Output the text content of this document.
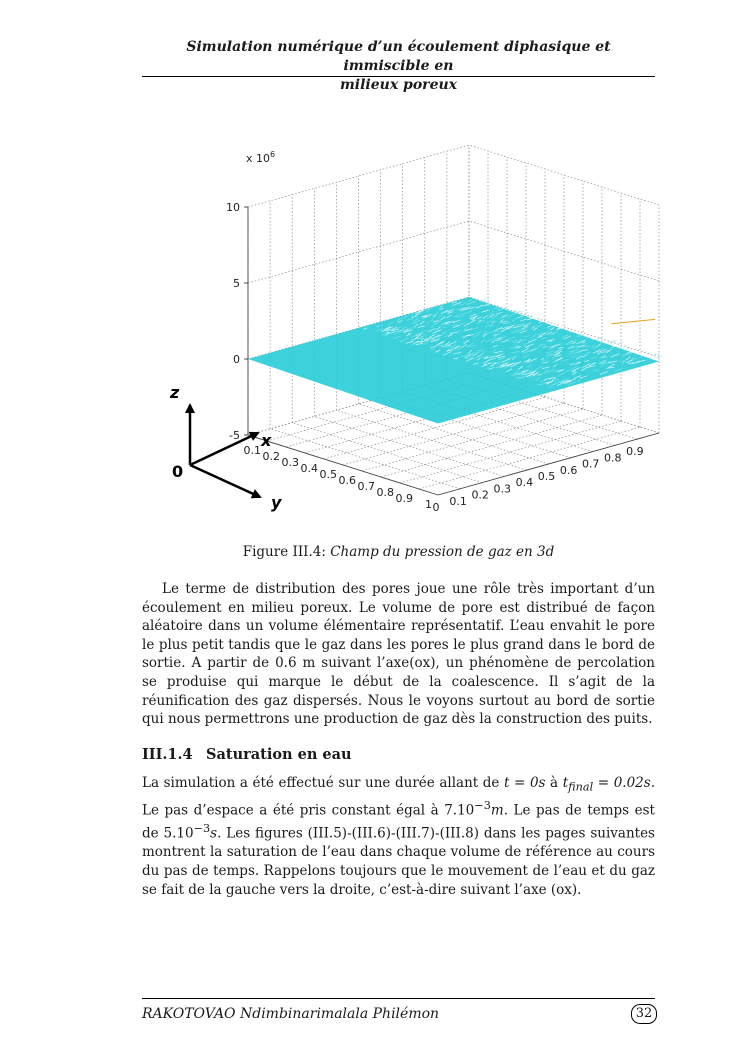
Simulation numérique d’un écoulement diphasique et immiscible en
milieux poreux
x $10^6$
10
5
0
-5
0.1 0.2 0.3 0.4 0.5 0.6 0.7 0.8 0.9 1 0 0.1 0.2 0.3 0.4 0.5 0.6 0.7 0.8 0.9
0
z
x
y
Figure III.4: Champ du pression de gaz en 3d

Le terme de distribution des pores joue une rôle très important d’un écoulement en milieu poreux. Le volume de pore est distribué de façon aléatoire dans un volume élémentaire représentatif. L’eau envahit le pore le plus petit tandis que le gaz dans les pores le plus grand dans le bord de sortie. A partir de 0.6 m suivant l’axe(ox), un phénomène de percolation se produise qui marque le début de la coalescence. Il s’agit de la réunification des gaz dispersés. Nous le voyons surtout au bord de sortie qui nous permettrons une production de gaz dès la construction des puits.

III.1.4 Saturation en eau

La simulation a été effectué sur une durée allant de t = 0s à $t_{final} = 0.02s$. Le pas d’espace a été pris constant égal à $7.10^{-3}m$. Le pas de temps est de $5.10^{-3}s$. Les figures (III.5)-(III.6)-(III.7)-(III.8) dans les pages suivantes montrent la saturation de l’eau dans chaque volume de référence au cours du pas de temps. Rappelons toujours que le mouvement de l’eau et du gaz se fait de la gauche vers la droite, c’est-à-dire suivant l’axe (ox).

RAKOTOVAO Ndimbinarimalala Philémon	32
